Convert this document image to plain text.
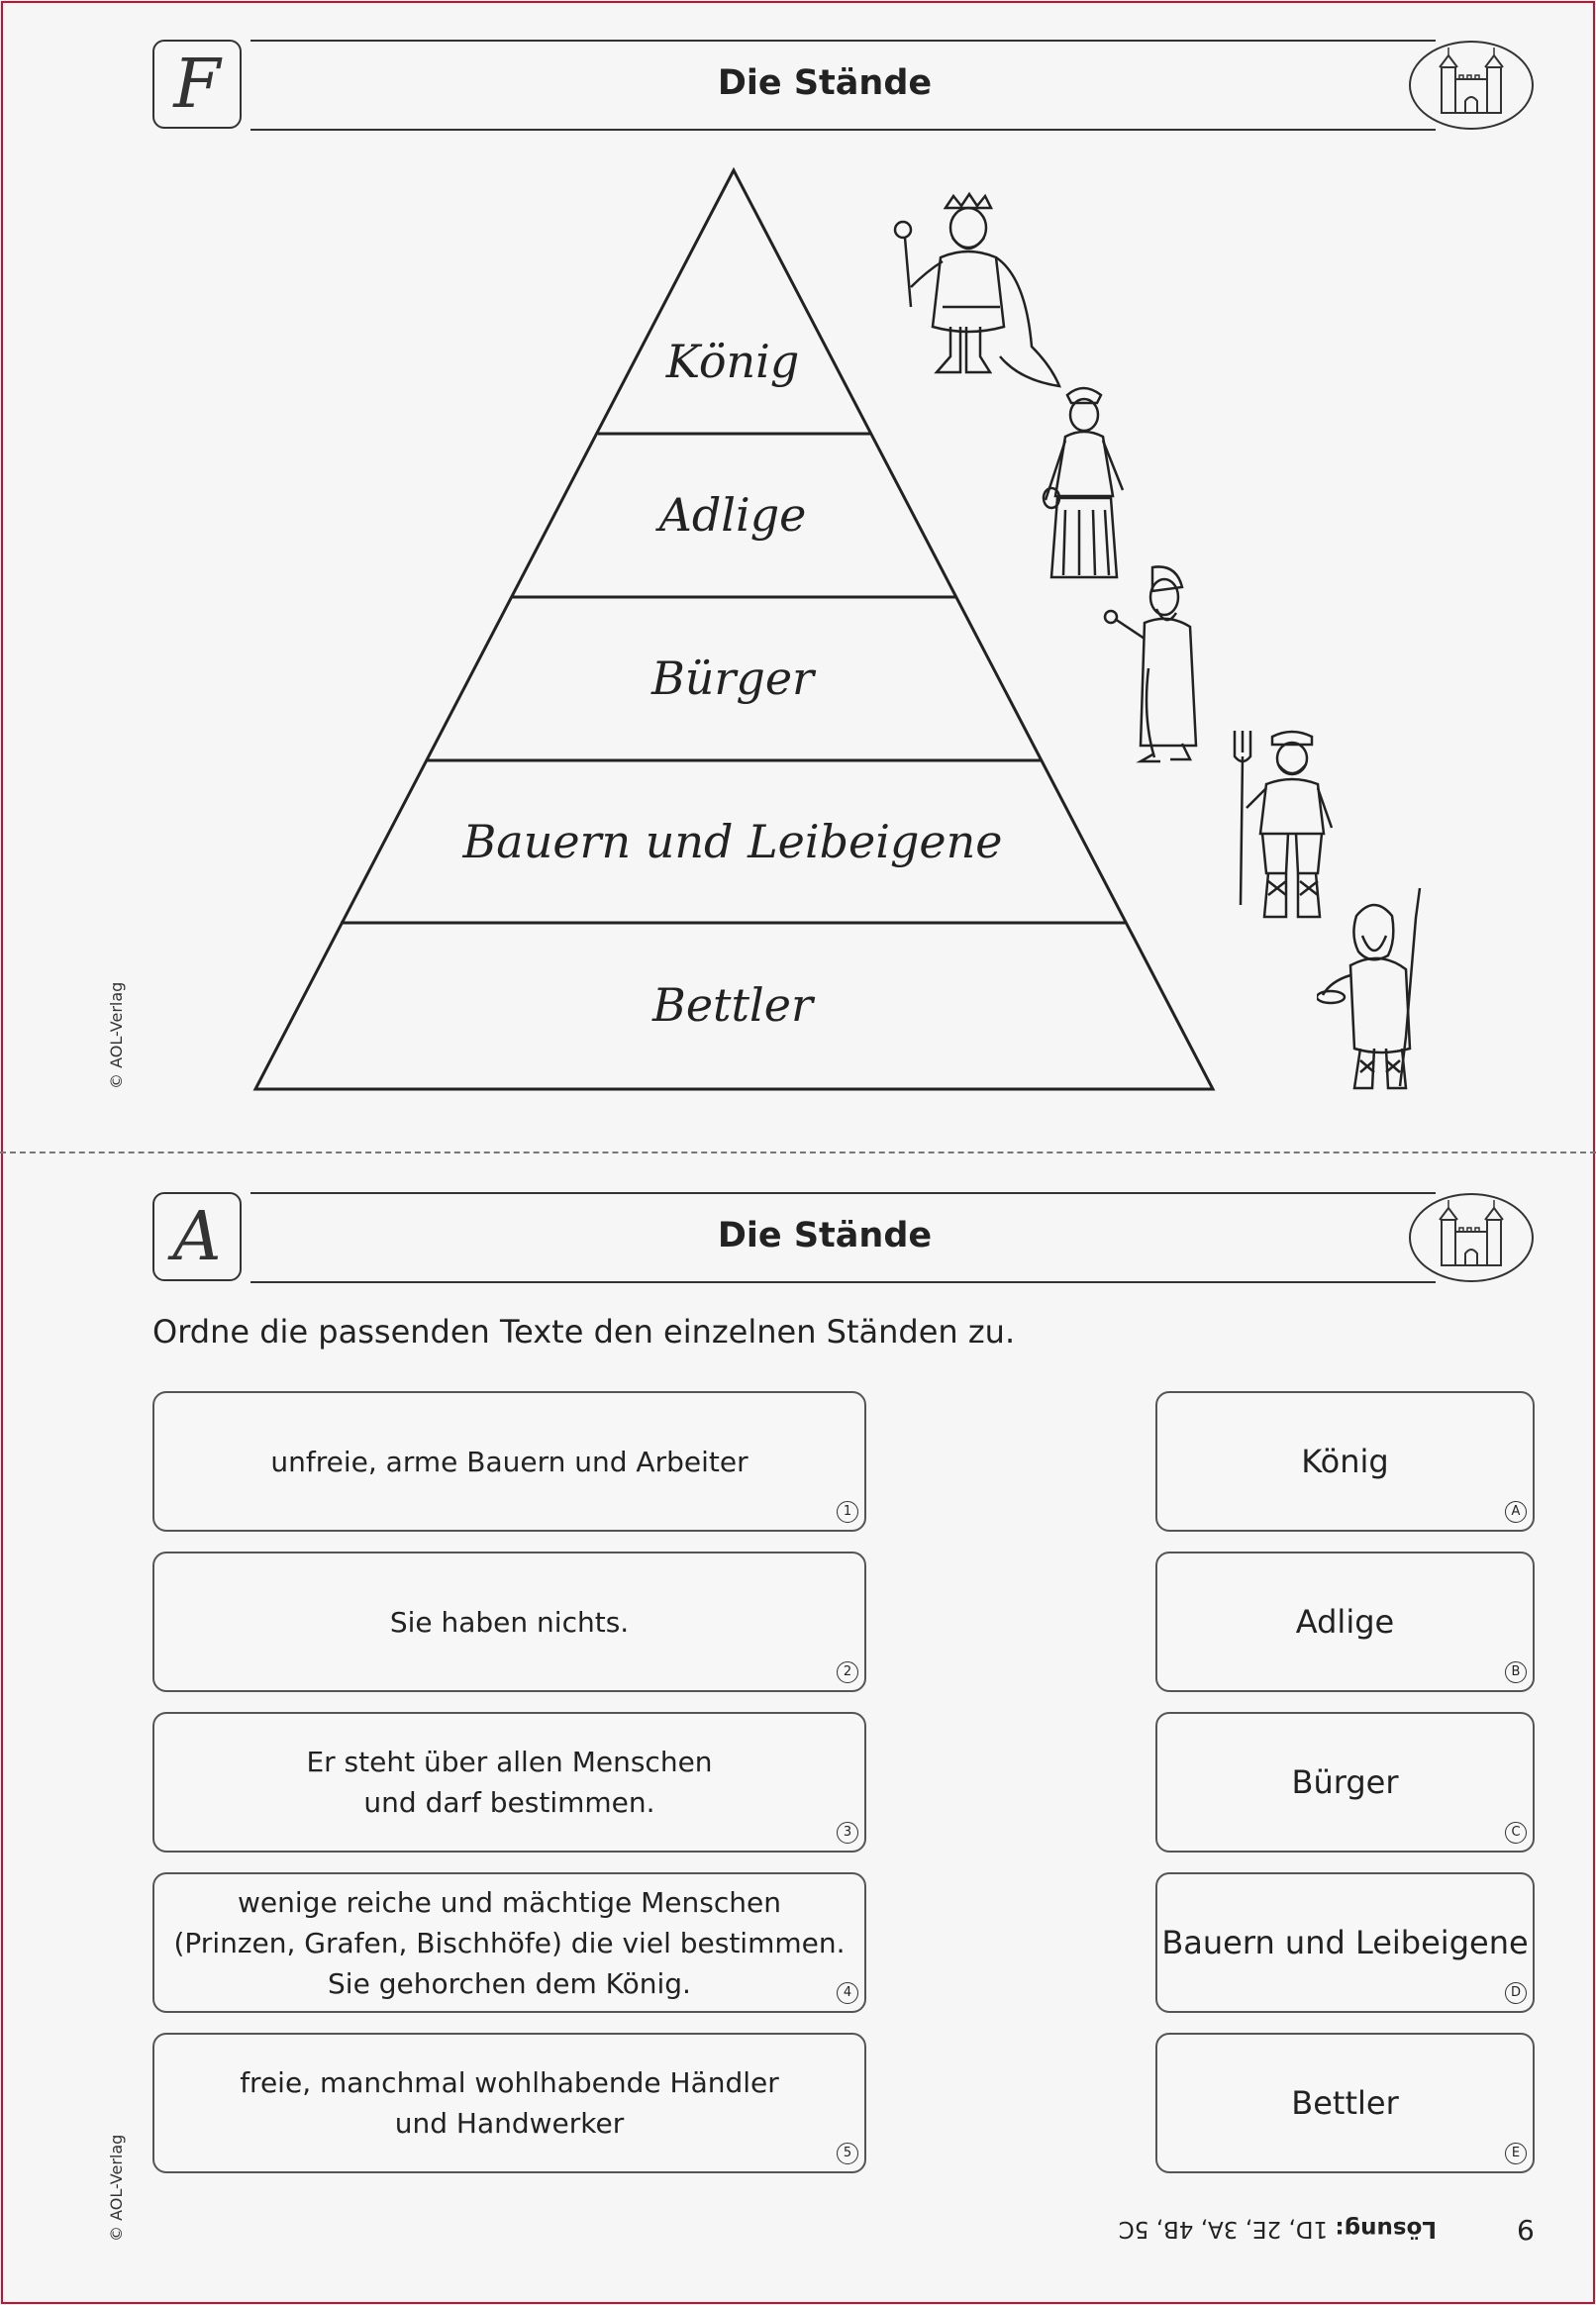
F	Die Stände
König
Adlige
Bürger
Bauern und Leibeigene
Bettler
© AOL-Verlag
A	Die Stände
Ordne die passenden Texte den einzelnen Ständen zu.
unfreie, arme Bauern und Arbeiter
1
Sie haben nichts.
2
Er steht über allen Menschen
und darf bestimmen.
3
wenige reiche und mächtige Menschen
(Prinzen, Grafen, Bischhöfe) die viel bestimmen.
Sie gehorchen dem König.	4
freie, manchmal wohlhabende Händler
und Handwerker
5
König
A
Adlige
B
Bürger
C
Bauern und Leibeigene
D
Bettler
E
© AOL-Verlag	Lösung: 1D, 2E, 3A, 4B, 5C	6
